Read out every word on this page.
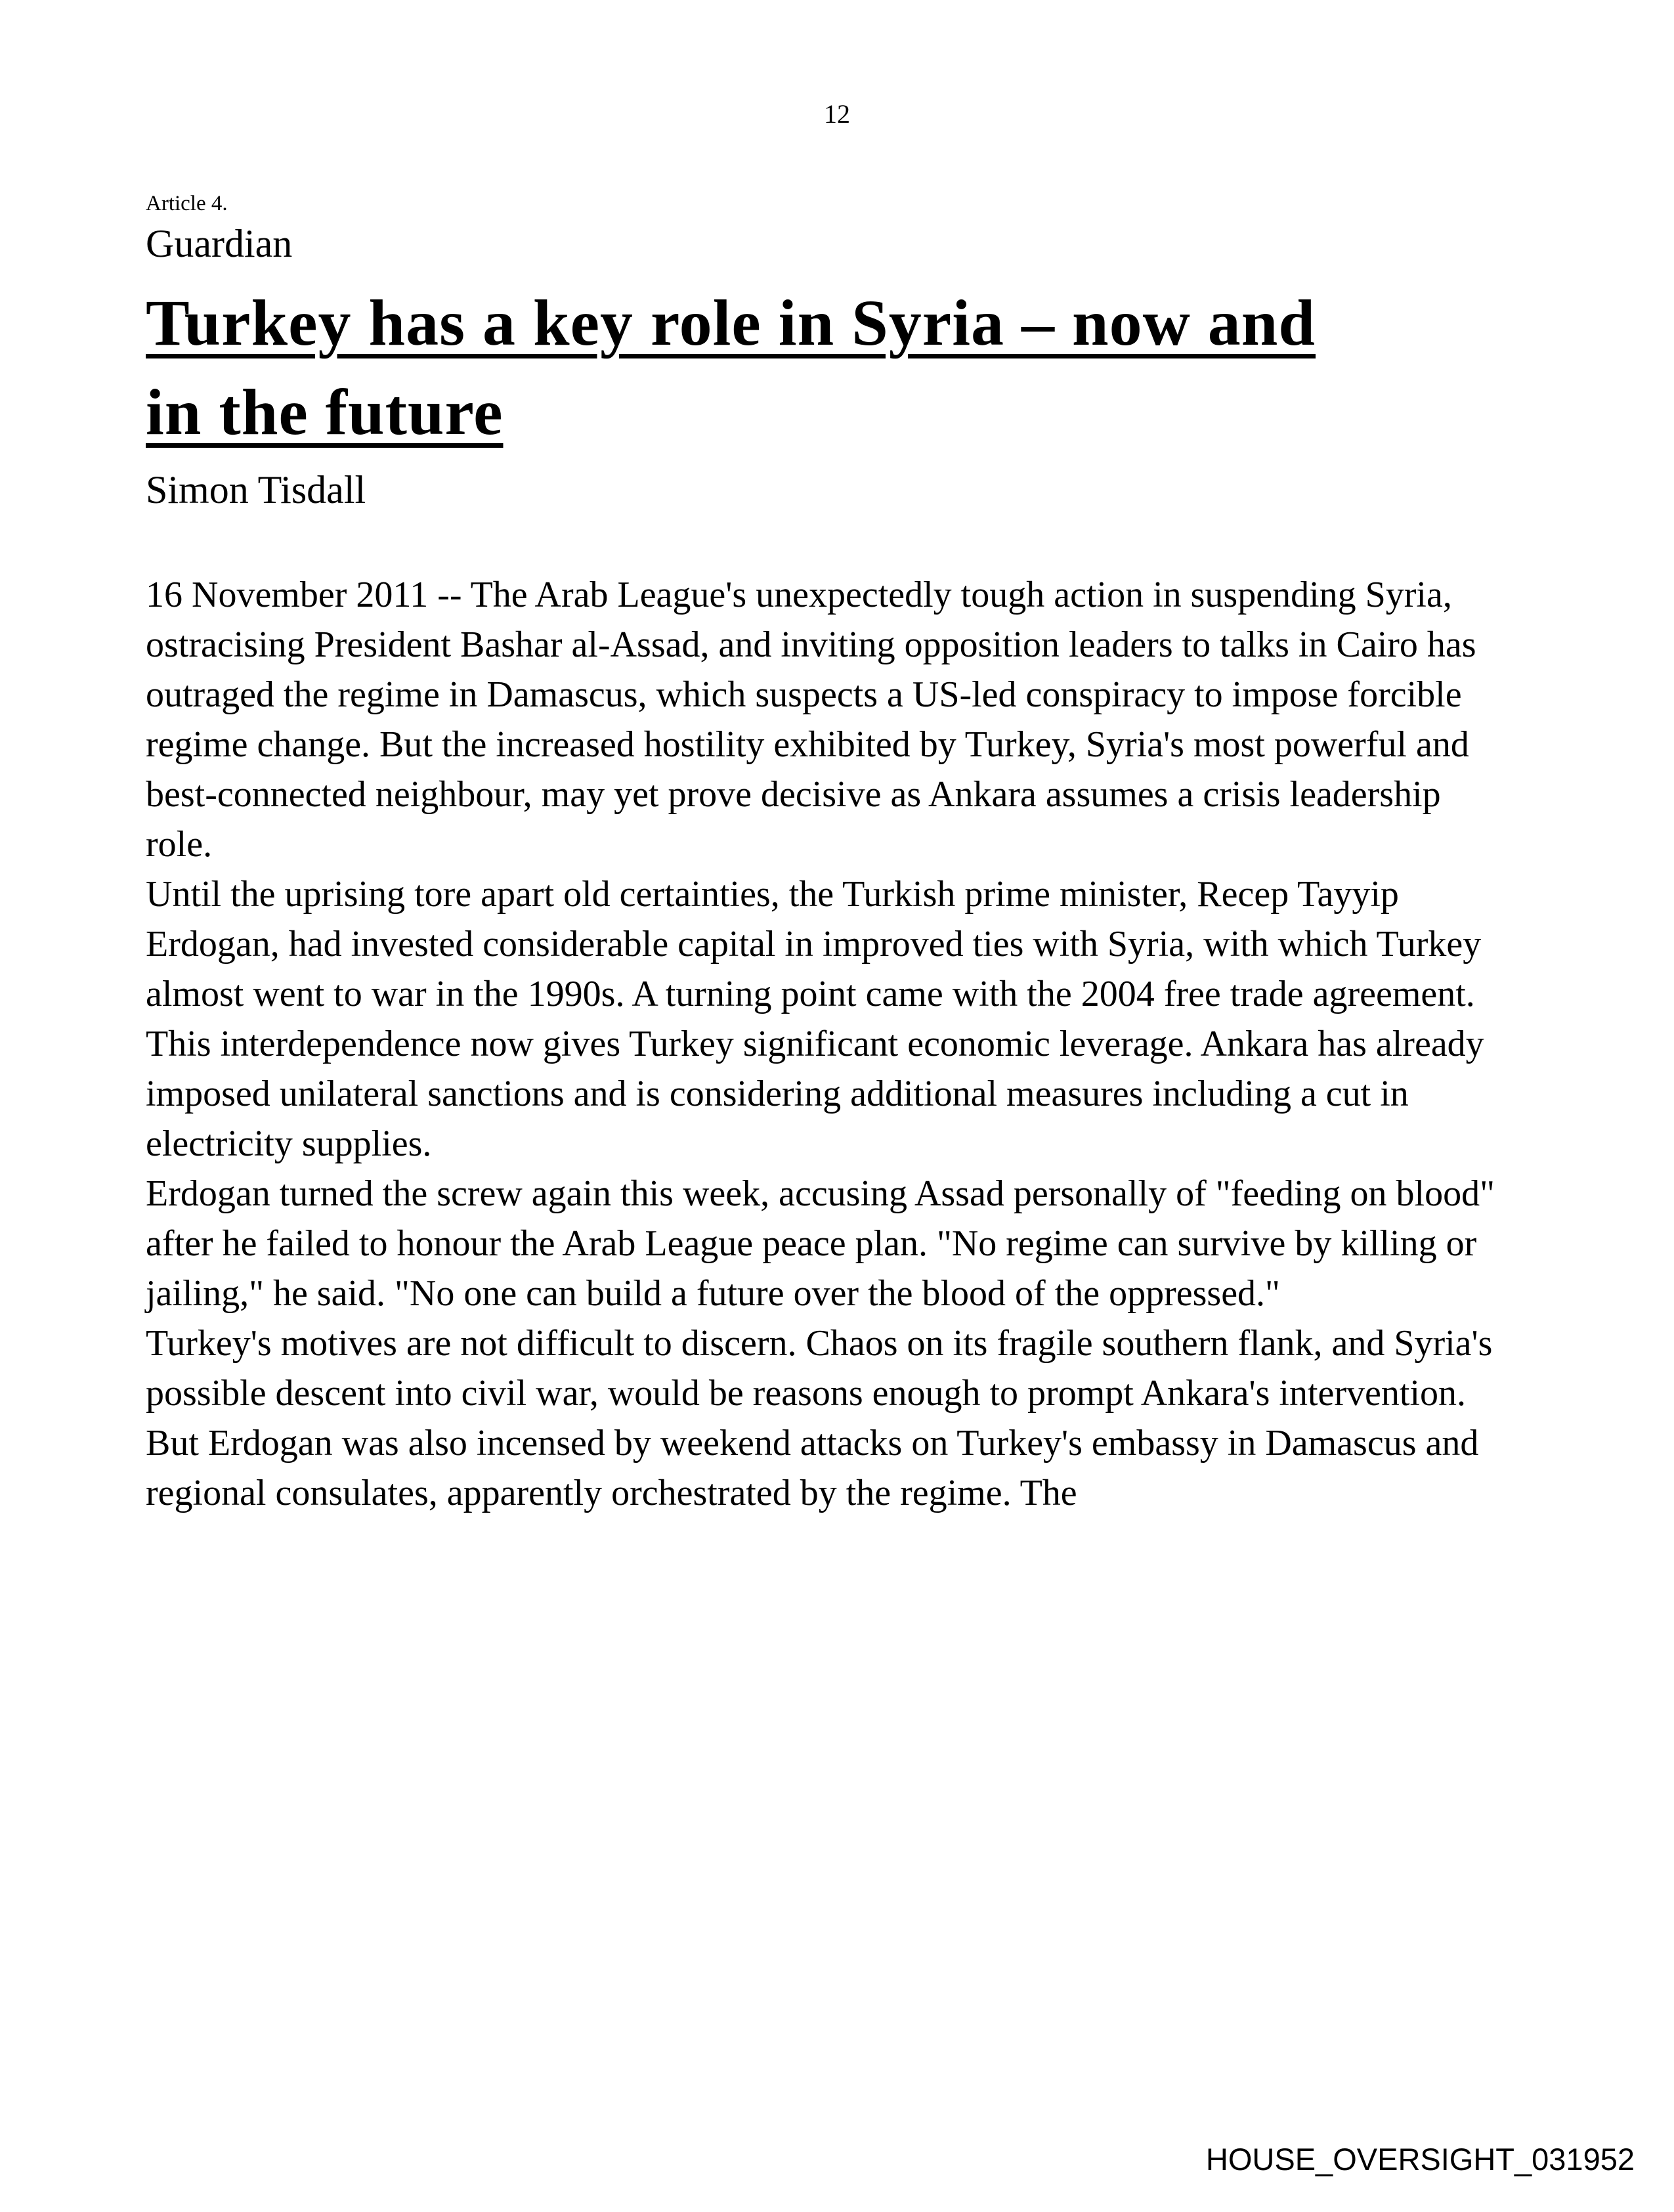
12
Article 4.
Guardian
Turkey has a key role in Syria – now and
in the future
Simon Tisdall

16 November 2011 -- The Arab League's unexpectedly tough action in suspending Syria, ostracising President Bashar al-Assad, and inviting opposition leaders to talks in Cairo has outraged the regime in Damascus, which suspects a US-led conspiracy to impose forcible regime change. But the increased hostility exhibited by Turkey, Syria's most powerful and best-connected neighbour, may yet prove decisive as Ankara assumes a crisis leadership role.

Until the uprising tore apart old certainties, the Turkish prime minister, Recep Tayyip Erdogan, had invested considerable capital in improved ties with Syria, with which Turkey almost went to war in the 1990s. A turning point came with the 2004 free trade agreement. This interdependence now gives Turkey significant economic leverage. Ankara has already imposed unilateral sanctions and is considering additional measures including a cut in electricity supplies.

Erdogan turned the screw again this week, accusing Assad personally of "feeding on blood" after he failed to honour the Arab League peace plan. "No regime can survive by killing or jailing," he said. "No one can build a future over the blood of the oppressed."

Turkey's motives are not difficult to discern. Chaos on its fragile southern flank, and Syria's possible descent into civil war, would be reasons enough to prompt Ankara's intervention. But Erdogan was also incensed by weekend attacks on Turkey's embassy in Damascus and regional consulates, apparently orchestrated by the regime. The

HOUSE_OVERSIGHT_031952
